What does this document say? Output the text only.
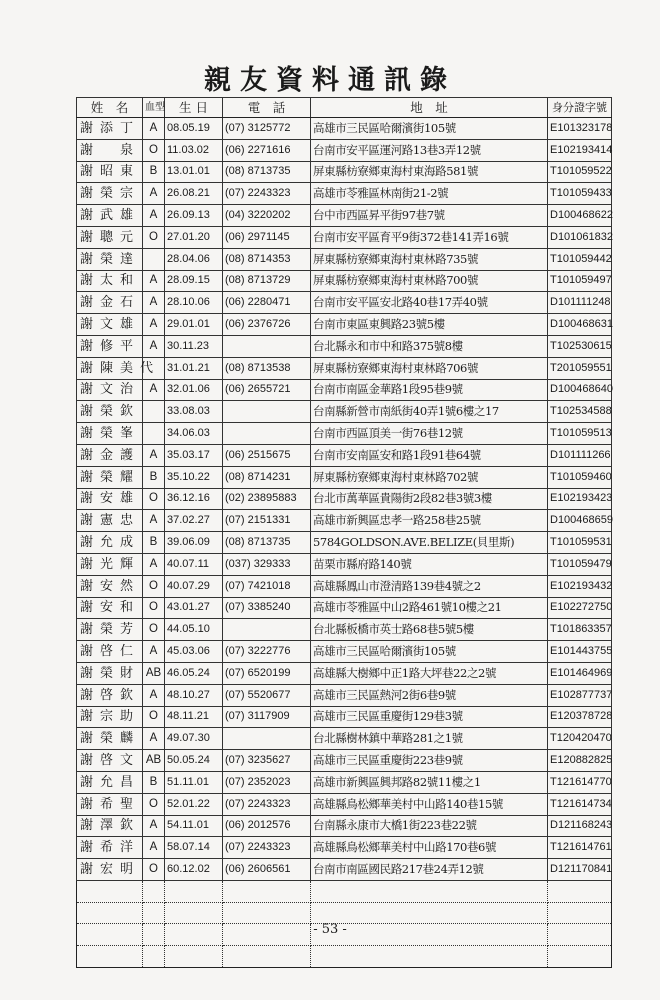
親友資料通訊錄
姓　名	血型	生 日	電　話	地　址	身分證字號
謝添丁	A	08.05.19	(07) 3125772	高雄市三民區哈爾濱街105號	E101323178
謝　泉	O	11.03.02	(06) 2271616	台南市安平區運河路13巷3弄12號	E102193414
謝昭東	B	13.01.01	(08) 8713735	屏東縣枋寮鄉東海村東海路581號	T101059522
謝榮宗	A	26.08.21	(07) 2243323	高雄市苓雅區林南街21-2號	T101059433
謝武雄	A	26.09.13	(04) 3220202	台中市西區昇平街97巷7號	D100468622
謝聰元	O	27.01.20	(06) 2971145	台南市安平區育平9街372巷141弄16號	D101061832
謝榮達		28.04.06	(08) 8714353	屏東縣枋寮鄉東海村東林路735號	T101059442
謝太和	A	28.09.15	(08) 8713729	屏東縣枋寮鄉東海村東林路700號	T101059497
謝金石	A	28.10.06	(06) 2280471	台南市安平區安北路40巷17弄40號	D101111248
謝文雄	A	29.01.01	(06) 2376726	台南市東區東興路23號5樓	D100468631
謝修平	A	30.11.23		台北縣永和市中和路375號8樓	T102530615
謝陳美代		31.01.21	(08) 8713538	屏東縣枋寮鄉東海村東林路706號	T201059551
謝文治	A	32.01.06	(06) 2655721	台南市南區金華路1段95巷9號	D100468640
謝榮欽		33.08.03		台南縣新營市南紙街40弄1號6樓之17	T102534588
謝榮峯		34.06.03		台南市西區頂美一街76巷12號	T101059513
謝金護	A	35.03.17	(06) 2515675	台南市安南區安和路1段91巷64號	D101111266
謝榮耀	B	35.10.22	(08) 8714231	屏東縣枋寮鄉東海村東林路702號	T101059460
謝安雄	O	36.12.16	(02) 23895883	台北市萬華區貴陽街2段82巷3號3樓	E102193423
謝憲忠	A	37.02.27	(07) 2151331	高雄市新興區忠孝一路258巷25號	D100468659
謝允成	B	39.06.09	(08) 8713735	5784GOLDSON.AVE.BELIZE(貝里斯)	T101059531
謝光輝	A	40.07.11	(037) 329333	苗栗市縣府路140號	T101059479
謝安然	O	40.07.29	(07) 7421018	高雄縣鳳山市澄清路139巷4號之2	E102193432
謝安和	O	43.01.27	(07) 3385240	高雄市苓雅區中山2路461號10樓之21	E102272750
謝榮芳	O	44.05.10		台北縣板橋市英士路68巷5號5樓	T101863357
謝啓仁	A	45.03.06	(07) 3222776	高雄市三民區哈爾濱街105號	E101443755
謝榮財	AB	46.05.24	(07) 6520199	高雄縣大樹鄉中正1路大坪巷22之2號	E101464969
謝啓欽	A	48.10.27	(07) 5520677	高雄市三民區熱河2街6巷9號	E102877737
謝宗助	O	48.11.21	(07) 3117909	高雄市三民區重慶街129巷3號	E120378728
謝榮麟	A	49.07.30		台北縣樹林鎮中華路281之1號	T120420470
謝啓文	AB	50.05.24	(07) 3235627	高雄市三民區重慶街223巷9號	E120882825
謝允昌	B	51.11.01	(07) 2352023	高雄市新興區興邦路82號11樓之1	T121614770
謝希聖	O	52.01.22	(07) 2243323	高雄縣鳥松鄉華美村中山路140巷15號	T121614734
謝澤欽	A	54.11.01	(06) 2012576	台南縣永康市大橋1街223巷22號	D121168243
謝希洋	A	58.07.14	(07) 2243323	高雄縣鳥松鄉華美村中山路170巷6號	T121614761
謝宏明	O	60.12.02	(06) 2606561	台南市南區國民路217巷24弄12號	D121170841

- 53 -
